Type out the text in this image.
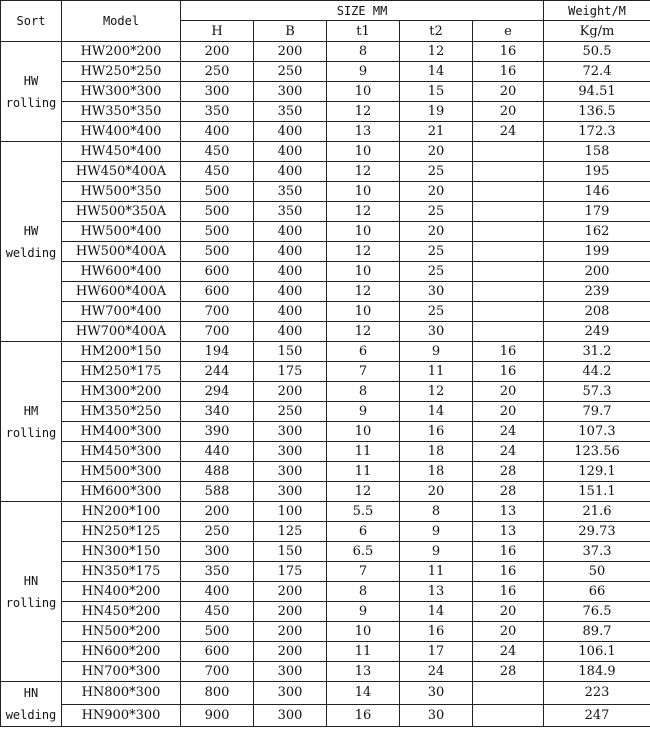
Sort	Model	SIZE MM					Weight/M
		H	B	t1	t2	e	Kg/m

HW
rolling	HW200*200	200	200	8	12	16	50.5
	HW250*250	250	250	9	14	16	72.4
	HW300*300	300	300	10	15	20	94.51
	HW350*350	350	350	12	19	20	136.5
	HW400*400	400	400	13	21	24	172.3

HW
welding	HW450*400	450	400	10	20		158
	HW450*400A	450	400	12	25		195
	HW500*350	500	350	10	20		146
	HW500*350A	500	350	12	25		179
	HW500*400	500	400	10	20		162
	HW500*400A	500	400	12	25		199
	HW600*400	600	400	10	25		200
	HW600*400A	600	400	12	30		239
	HW700*400	700	400	10	25		208
	HW700*400A	700	400	12	30		249

HM
rolling	HM200*150	194	150	6	9	16	31.2
	HM250*175	244	175	7	11	16	44.2
	HM300*200	294	200	8	12	20	57.3
	HM350*250	340	250	9	14	20	79.7
	HM400*300	390	300	10	16	24	107.3
	HM450*300	440	300	11	18	24	123.56
	HM500*300	488	300	11	18	28	129.1
	HM600*300	588	300	12	20	28	151.1

HN
rolling	HN200*100	200	100	5.5	8	13	21.6
	HN250*125	250	125	6	9	13	29.73
	HN300*150	300	150	6.5	9	16	37.3
	HN350*175	350	175	7	11	16	50
	HN400*200	400	200	8	13	16	66
	HN450*200	450	200	9	14	20	76.5
	HN500*200	500	200	10	16	20	89.7
	HN600*200	600	200	11	17	24	106.1
	HN700*300	700	300	13	24	28	184.9

HN
welding	HN800*300	800	300	14	30		223
	HN900*300	900	300	16	30		247
